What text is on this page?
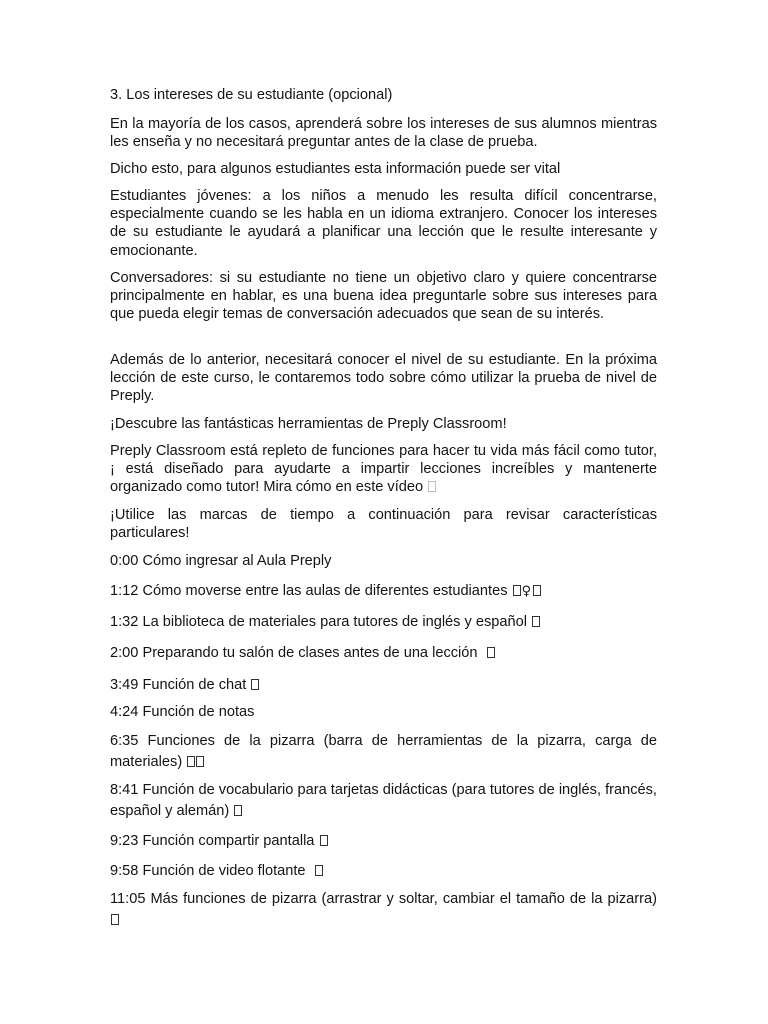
3. Los intereses de su estudiante (opcional)

En la mayoría de los casos, aprenderá sobre los intereses de sus alumnos mientras les enseña y no necesitará preguntar antes de la clase de prueba.

Dicho esto, para algunos estudiantes esta información puede ser vital

Estudiantes jóvenes: a los niños a menudo les resulta difícil concentrarse, especialmente cuando se les habla en un idioma extranjero. Conocer los intereses de su estudiante le ayudará a planificar una lección que le resulte interesante y emocionante.

Conversadores: si su estudiante no tiene un objetivo claro y quiere concentrarse principalmente en hablar, es una buena idea preguntarle sobre sus intereses para que pueda elegir temas de conversación adecuados que sean de su interés.

Además de lo anterior, necesitará conocer el nivel de su estudiante. En la próxima lección de este curso, le contaremos todo sobre cómo utilizar la prueba de nivel de Preply.

¡Descubre las fantásticas herramientas de Preply Classroom!

Preply Classroom está repleto de funciones para hacer tu vida más fácil como tutor, ¡ está diseñado para ayudarte a impartir lecciones increíbles y mantenerte organizado como tutor! Mira cómo en este vídeo

¡Utilice las marcas de tiempo a continuación para revisar características particulares!

0:00 Cómo ingresar al Aula Preply

1:12 Cómo moverse entre las aulas de diferentes estudiantes ♀

1:32 La biblioteca de materiales para tutores de inglés y español

2:00 Preparando tu salón de clases antes de una lección

3:49 Función de chat

4:24 Función de notas

6:35 Funciones de la pizarra (barra de herramientas de la pizarra, carga de materiales)

8:41 Función de vocabulario para tarjetas didácticas (para tutores de inglés, francés, español y alemán)

9:23 Función compartir pantalla

9:58 Función de video flotante

11:05 Más funciones de pizarra (arrastrar y soltar, cambiar el tamaño de la pizarra)
